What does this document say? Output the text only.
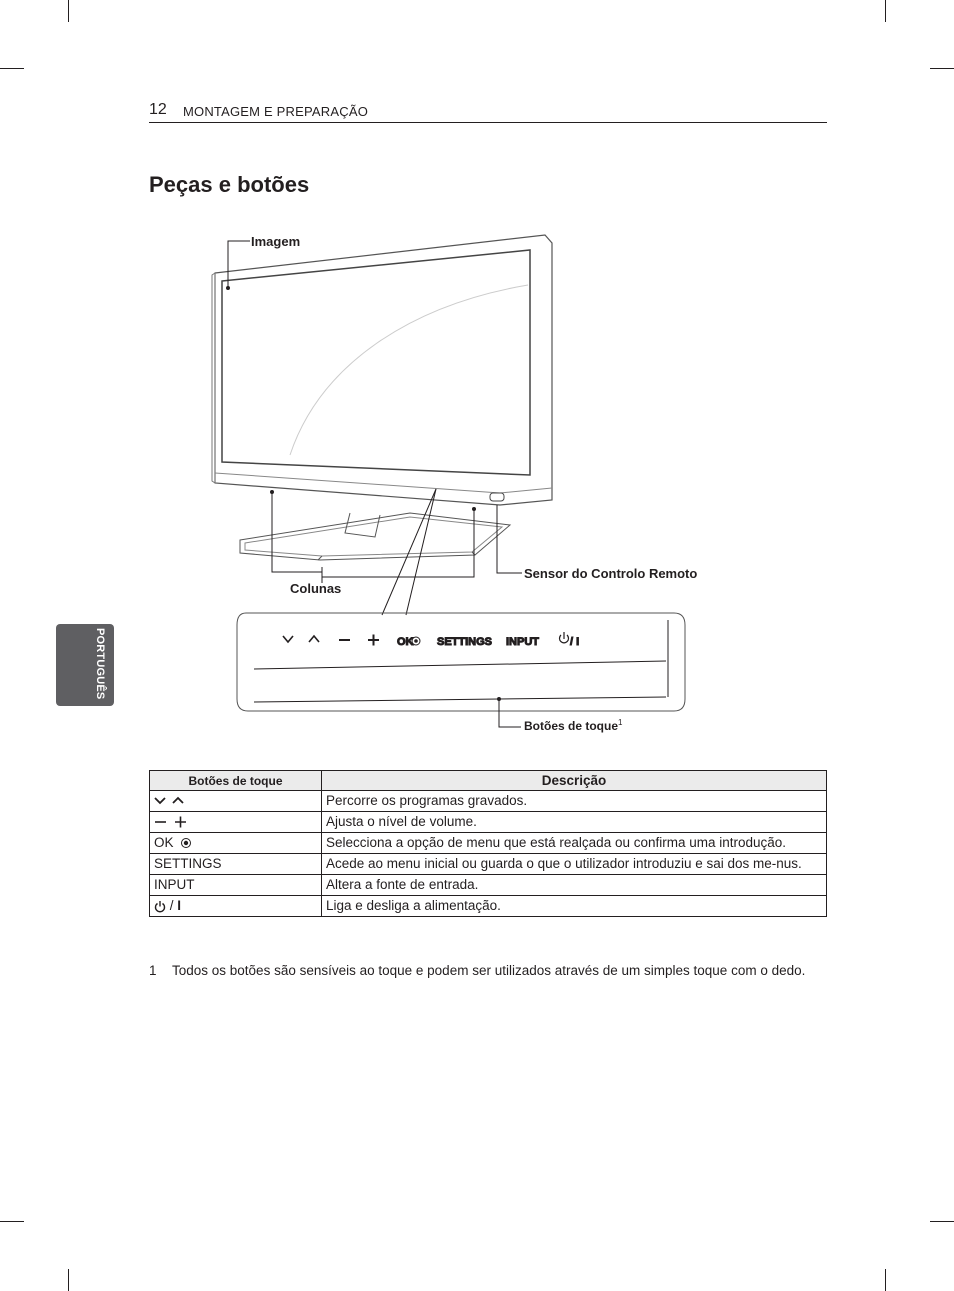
12 MONTAGEM E PREPARAÇÃO
Peças e botões
PORTUGUÊS	OK SETTINGS INPUT	/ I
Imagem
Colunas
Sensor do Controlo Remoto
Botões de toque$^1$
Botões de toque	Descrição
	Percorre os programas gravados.
	Ajusta o nível de volume.
OK	Selecciona a opção de menu que está realçada ou confirma uma introdução.
SETTINGS	Acede ao menu inicial ou guarda o que o utilizador introduziu e sai dos me-nus.
INPUT	Altera a fonte de entrada.
/ I	Liga e desliga a alimentação.
1 Todos os botões são sensíveis ao toque e podem ser utilizados através de um simples toque com o dedo.
